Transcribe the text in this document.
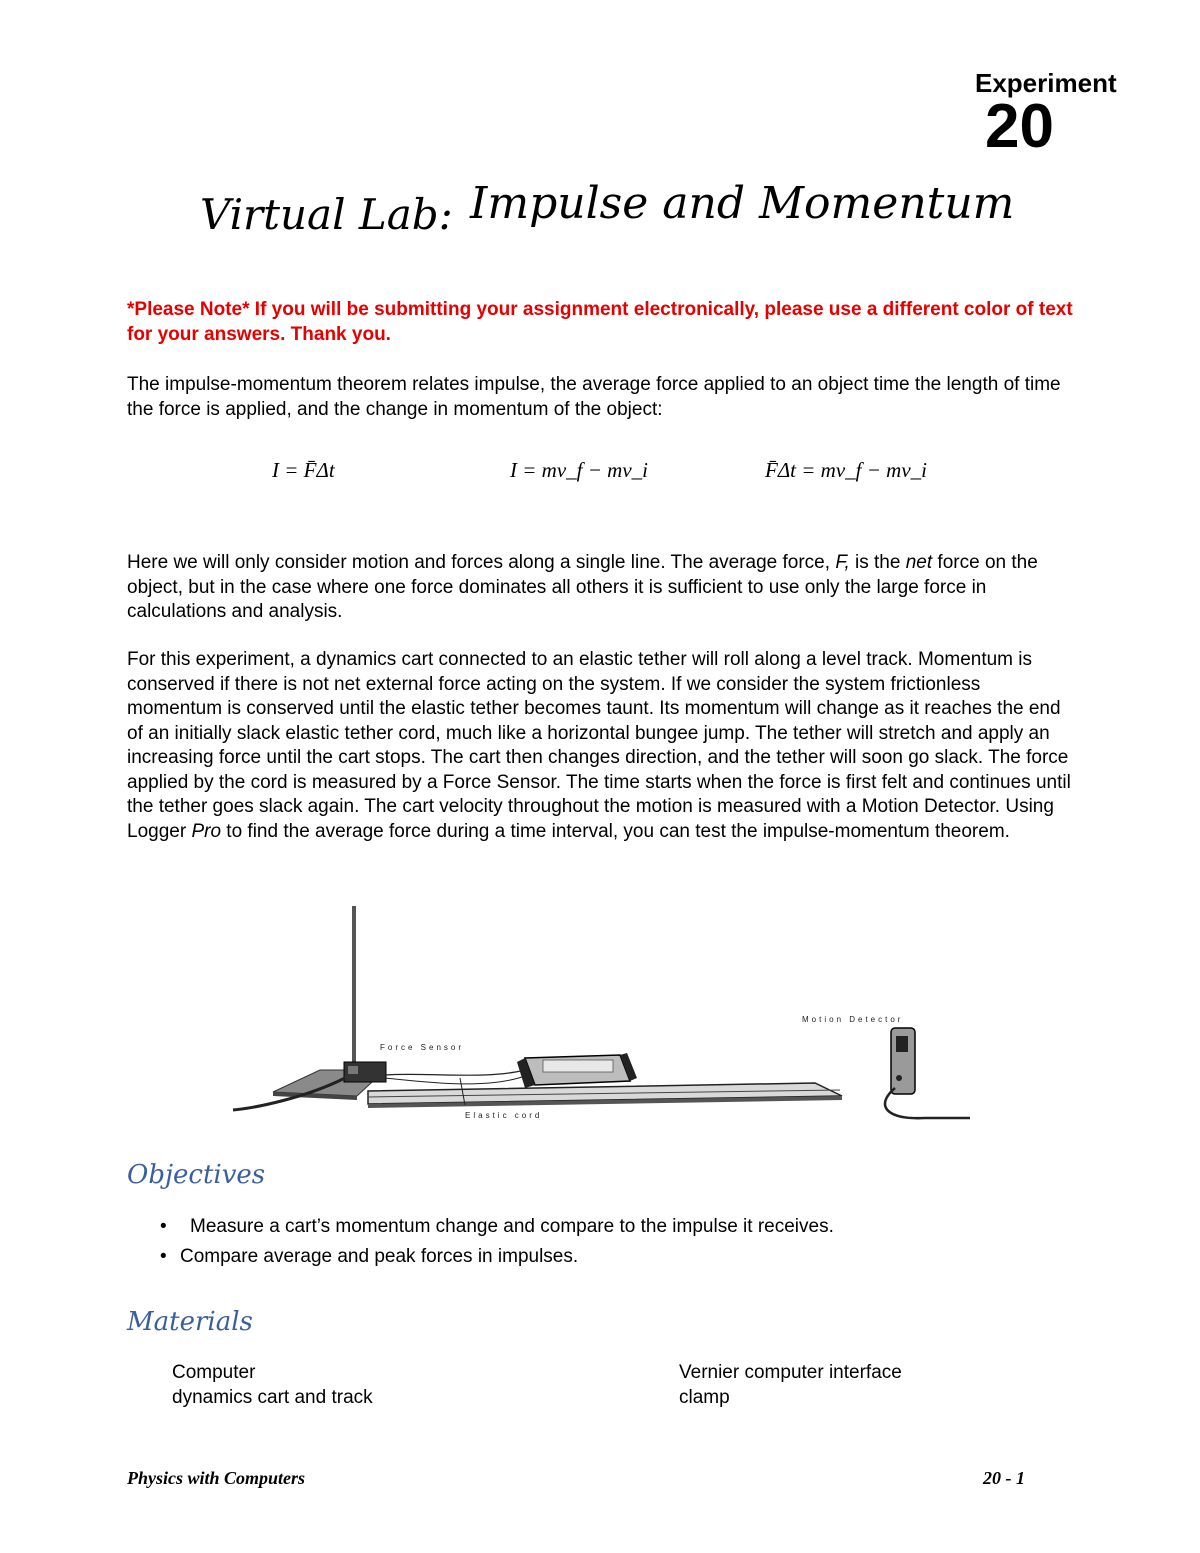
Experiment
20
Virtual Lab: Impulse and Momentum
*Please Note* If you will be submitting your assignment electronically, please use a different color of text for your answers. Thank you.
The impulse-momentum theorem relates impulse, the average force applied to an object time the length of time the force is applied, and the change in momentum of the object:
I = F̄Δt	I = mv_f − mv_i	F̄Δt = mv_f − mv_i
Here we will only consider motion and forces along a single line. The average force, F, is the net force on the object, but in the case where one force dominates all others it is sufficient to use only the large force in calculations and analysis.
For this experiment, a dynamics cart connected to an elastic tether will roll along a level track. Momentum is conserved if there is not net external force acting on the system. If we consider the system frictionless momentum is conserved until the elastic tether becomes taunt. Its momentum will change as it reaches the end of an initially slack elastic tether cord, much like a horizontal bungee jump. The tether will stretch and apply an increasing force until the cart stops. The cart then changes direction, and the tether will soon go slack. The force applied by the cord is measured by a Force Sensor. The time starts when the force is first felt and continues until the tether goes slack again. The cart velocity throughout the motion is measured with a Motion Detector. Using Logger Pro to find the average force during a time interval, you can test the impulse-momentum theorem.
Force Sensor
Motion Detector
Elastic cord
Objectives
• Measure a cart’s momentum change and compare to the impulse it receives.
• Compare average and peak forces in impulses.
Materials
Computer
dynamics cart and track
Vernier computer interface
clamp
Physics with Computers	20 - 1
